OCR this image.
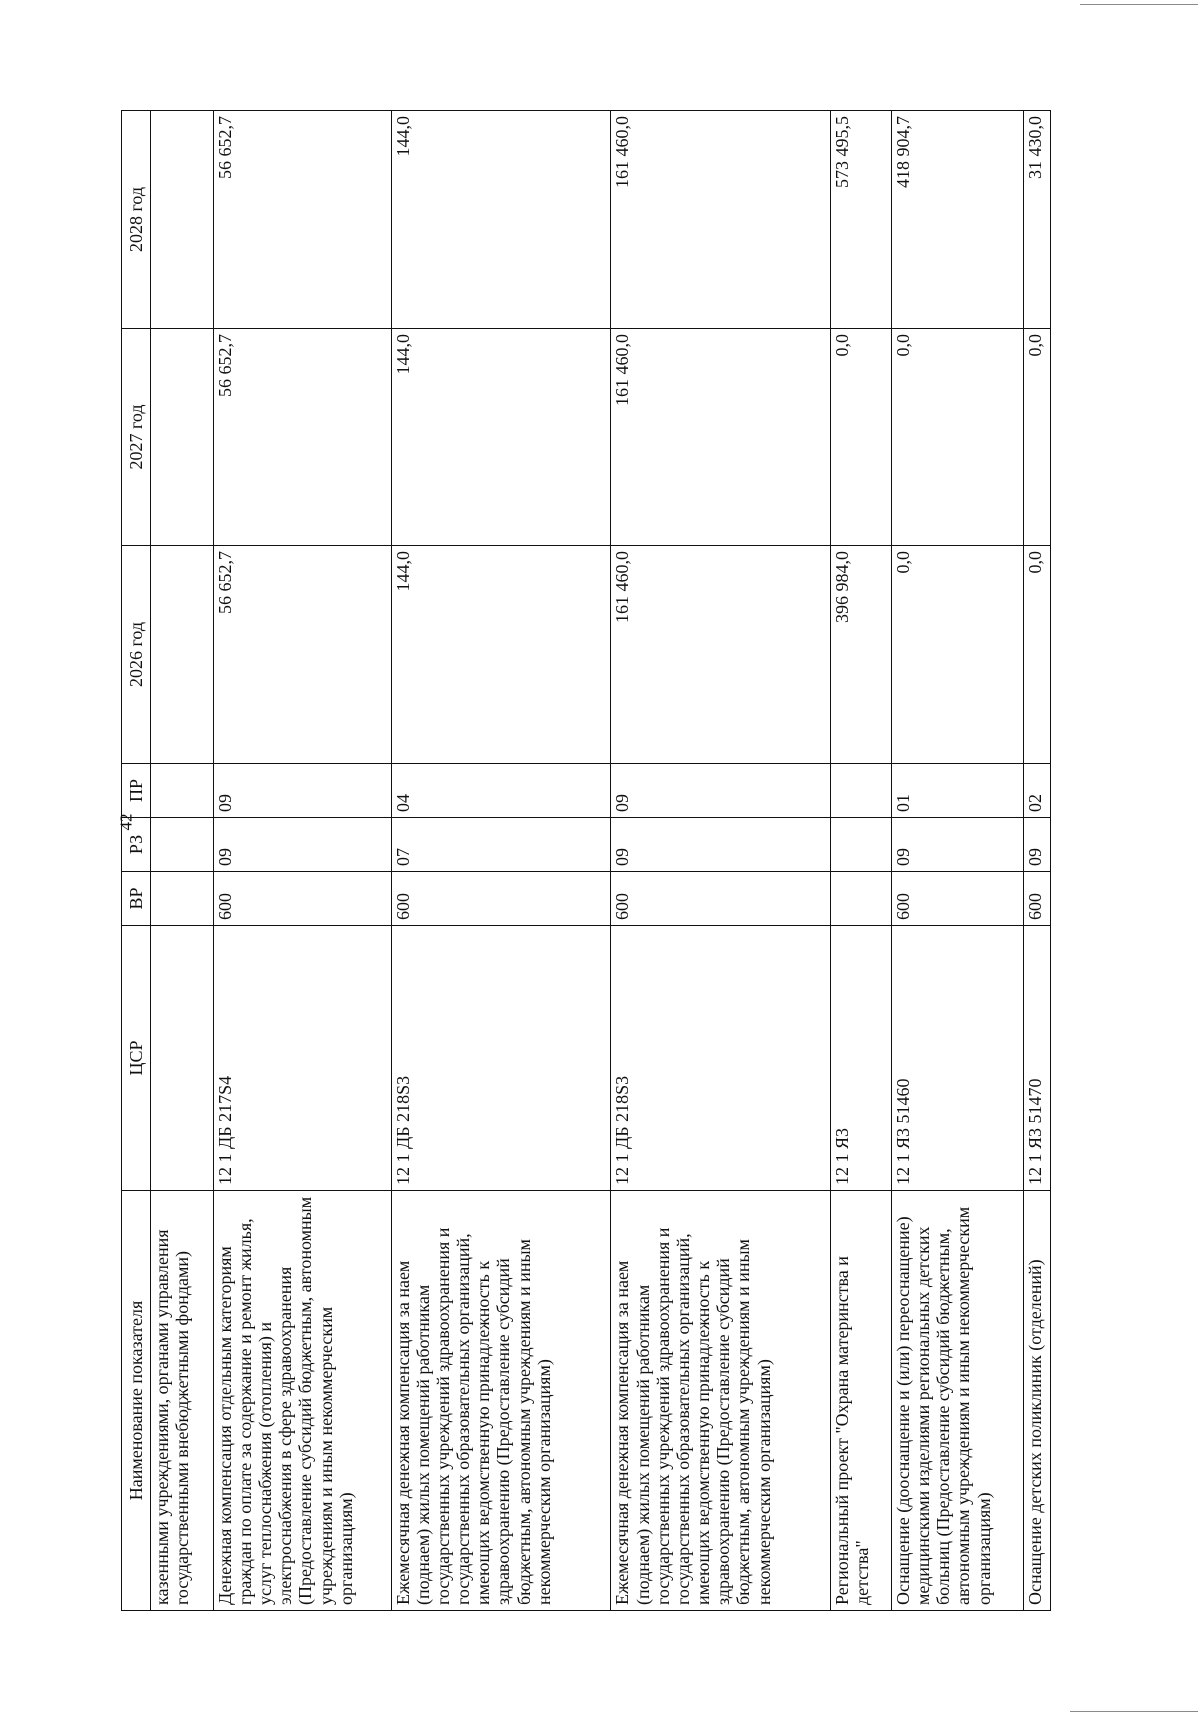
42
Наименование показателя	ЦСР	ВР	РЗ	ПР	2026 год	2027 год	2028 год
казенными учреждениями, органами управления государственными внебюджетными фондами)							
Денежная компенсация отдельным категориям граждан по оплате за содержание и ремонт жилья, услуг теплоснабжения (отопления) и электроснабжения в сфере здравоохранения (Предоставление субсидий бюджетным, автономным учреждениям и иным некоммерческим организациям)	12 1 ДБ 217S4	600	09	09	56 652,7	56 652,7	56 652,7
Ежемесячная денежная компенсация за наем (поднаем) жилых помещений работникам государственных учреждений здравоохранения и государственных образовательных организаций, имеющих ведомственную принадлежность к здравоохранению (Предоставление субсидий бюджетным, автономным учреждениям и иным некоммерческим организациям)	12 1 ДБ 218S3	600	07	04	144,0	144,0	144,0
Ежемесячная денежная компенсация за наем (поднаем) жилых помещений работникам государственных учреждений здравоохранения и государственных образовательных организаций, имеющих ведомственную принадлежность к здравоохранению (Предоставление субсидий бюджетным, автономным учреждениям и иным некоммерческим организациям)	12 1 ДБ 218S3	600	09	09	161 460,0	161 460,0	161 460,0
Региональный проект "Охрана материнства и детства"	12 1 Я3				396 984,0	0,0	573 495,5
Оснащение (дооснащение и (или) переоснащение) медицинскими изделиями региональных детских больниц (Предоставление субсидий бюджетным, автономным учреждениям и иным некоммерческим организациям)	12 1 Я3 51460	600	09	01	0,0	0,0	418 904,7
Оснащение детских поликлиник (отделений)	12 1 Я3 51470	600	09	02	0,0	0,0	31 430,0
